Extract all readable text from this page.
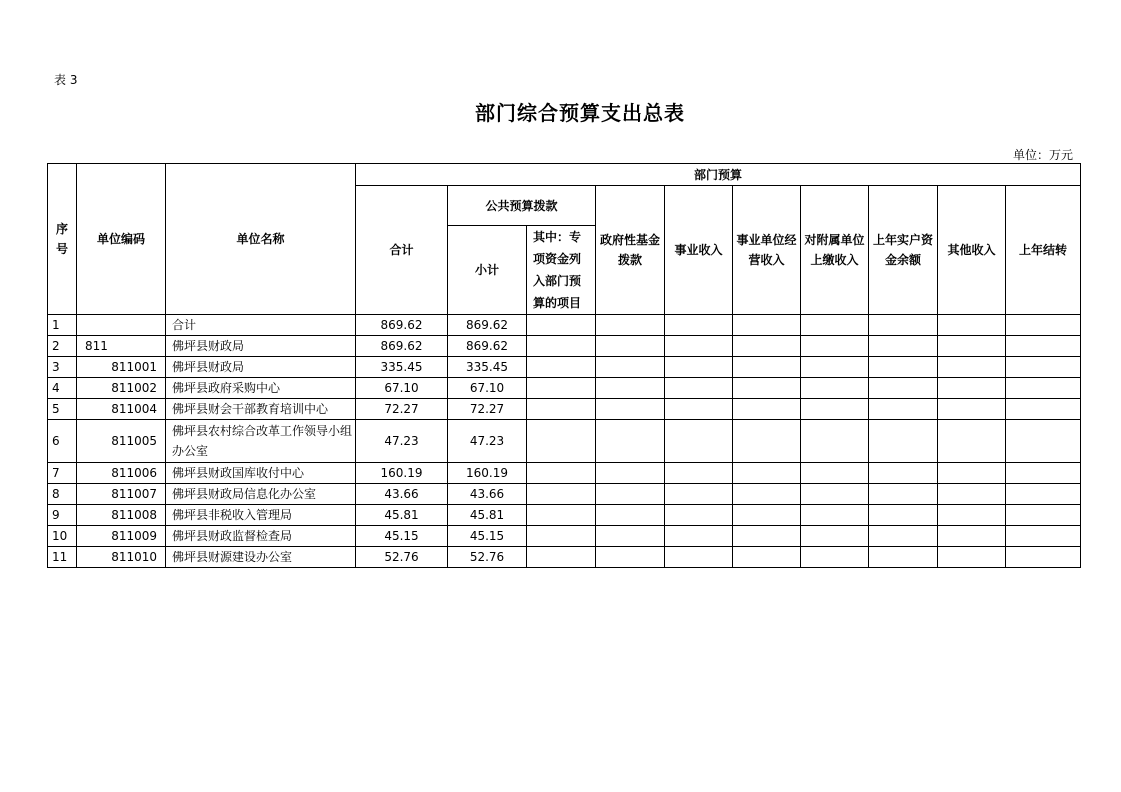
表 3
部门综合预算支出总表
单位：万元
序号	单位编码	单位名称	部门预算									
			合计	公共预算拨款		政府性基金拨款	事业收入	事业单位经营收入	对附属单位上缴收入	上年实户资金余额	其他收入	上年结转
				小计	其中：专项资金列入部门预算的项目							
1		合计	869.62	869.62								
2	811	佛坪县财政局	869.62	869.62								
3	811001	佛坪县财政局	335.45	335.45								
4	811002	佛坪县政府采购中心	67.10	67.10								
5	811004	佛坪县财会干部教育培训中心	72.27	72.27								
6	811005	佛坪县农村综合改革工作领导小组办公室	47.23	47.23								
7	811006	佛坪县财政国库收付中心	160.19	160.19								
8	811007	佛坪县财政局信息化办公室	43.66	43.66								
9	811008	佛坪县非税收入管理局	45.81	45.81								
10	811009	佛坪县财政监督检查局	45.15	45.15								
11	811010	佛坪县财源建设办公室	52.76	52.76								
